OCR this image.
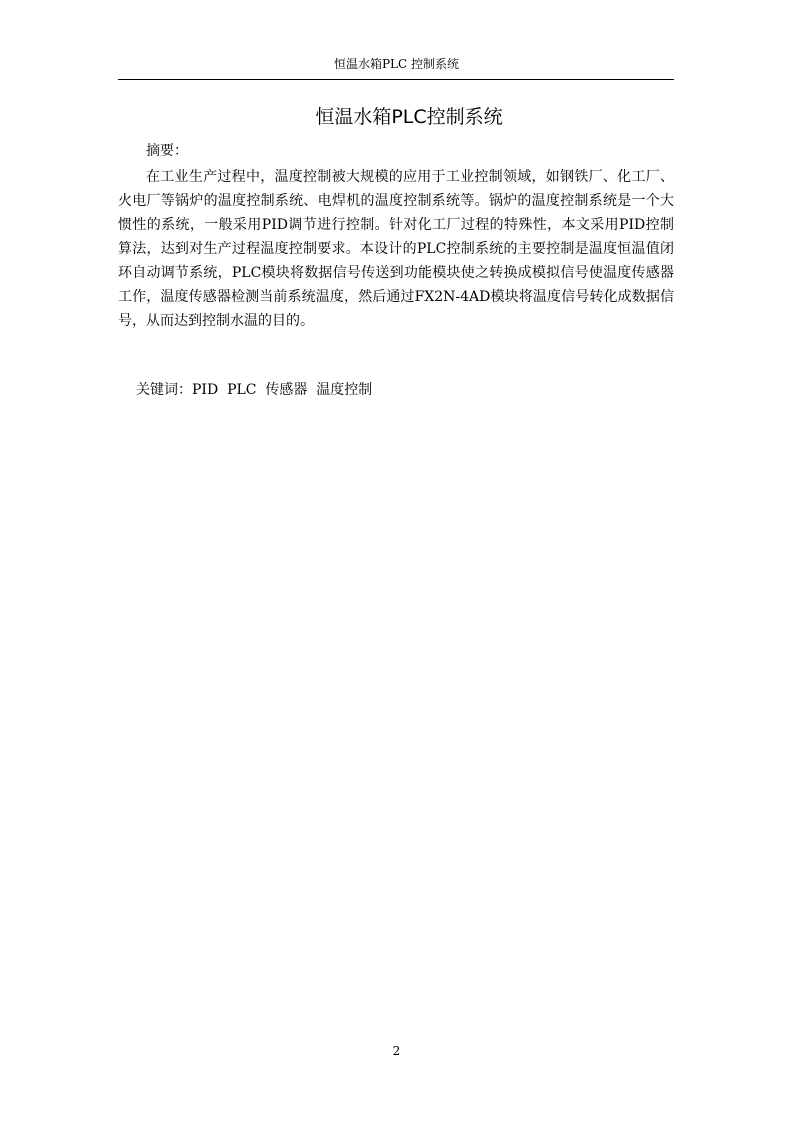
恒温水箱PLC 控制系统
恒温水箱PLC控制系统
摘要：

在工业生产过程中，温度控制被大规模的应用于工业控制领域，如钢铁厂、化工厂、火电厂等锅炉的温度控制系统、电焊机的温度控制系统等。锅炉的温度控制系统是一个大惯性的系统，一般采用PID调节进行控制。针对化工厂过程的特殊性，本文采用PID控制算法，达到对生产过程温度控制要求。本设计的PLC控制系统的主要控制是温度恒温值闭环自动调节系统，PLC模块将数据信号传送到功能模块使之转换成模拟信号使温度传感器工作，温度传感器检测当前系统温度，然后通过FX2N-4AD模块将温度信号转化成数据信号，从而达到控制水温的目的。

关键词：PID  PLC  传感器  温度控制
2
